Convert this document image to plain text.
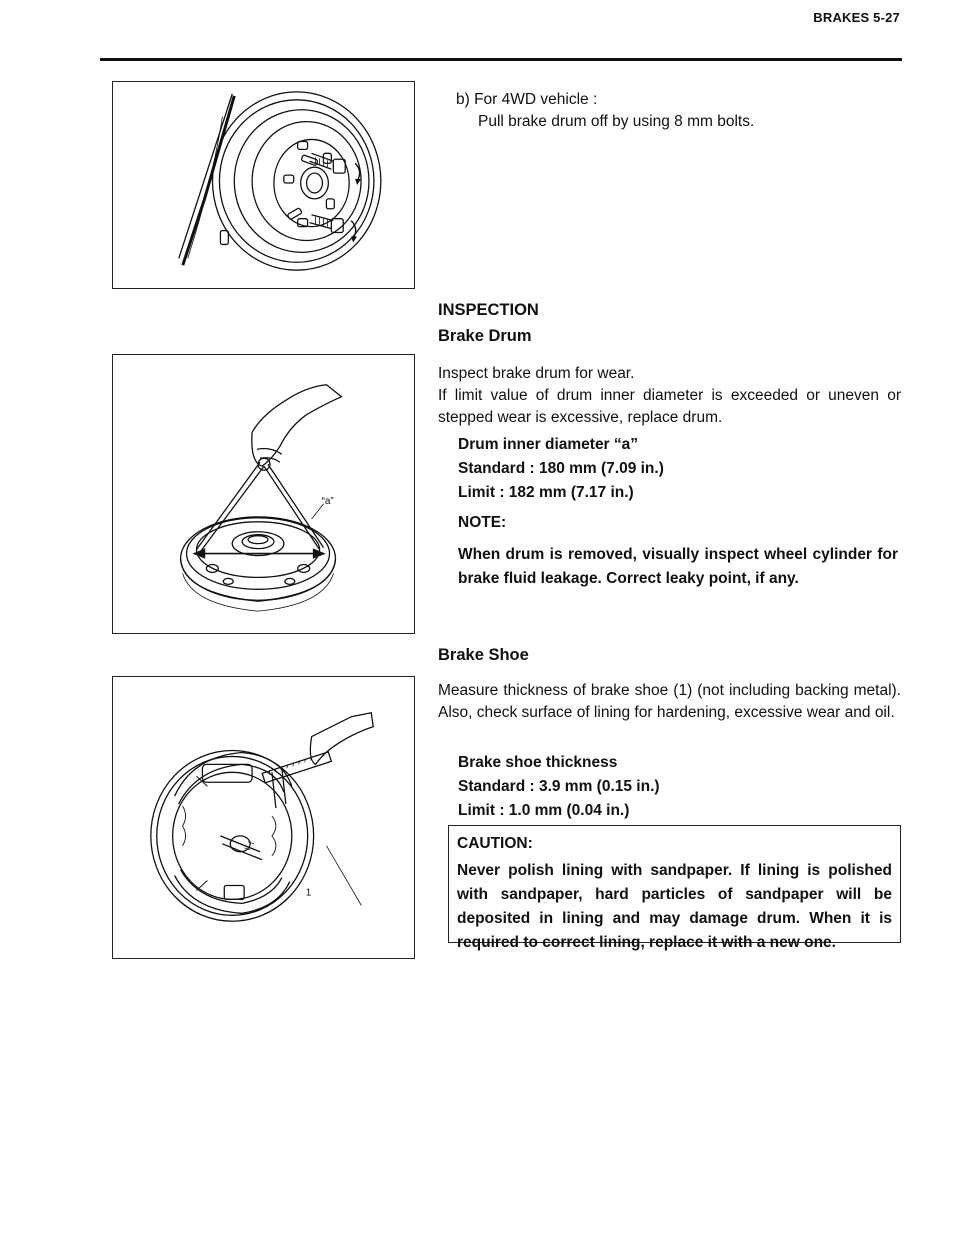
BRAKES 5-27
“a”
1
b) For 4WD vehicle :
Pull brake drum off by using 8 mm bolts.
INSPECTION
Brake Drum
Inspect brake drum for wear.
If limit value of drum inner diameter is exceeded or uneven or stepped wear is excessive, replace drum.
Drum inner diameter “a”
Standard : 180 mm (7.09 in.)
Limit : 182 mm (7.17 in.)
NOTE:
When drum is removed, visually inspect wheel cylinder for brake fluid leakage. Correct leaky point, if any.
Brake Shoe
Measure thickness of brake shoe (1) (not including backing metal). Also, check surface of lining for hardening, excessive wear and oil.
Brake shoe thickness
Standard : 3.9 mm (0.15 in.)
Limit : 1.0 mm (0.04 in.)
CAUTION:
Never polish lining with sandpaper. If lining is polished with sandpaper, hard particles of sandpaper will be deposited in lining and may damage drum. When it is required to correct lining, replace it with a new one.
